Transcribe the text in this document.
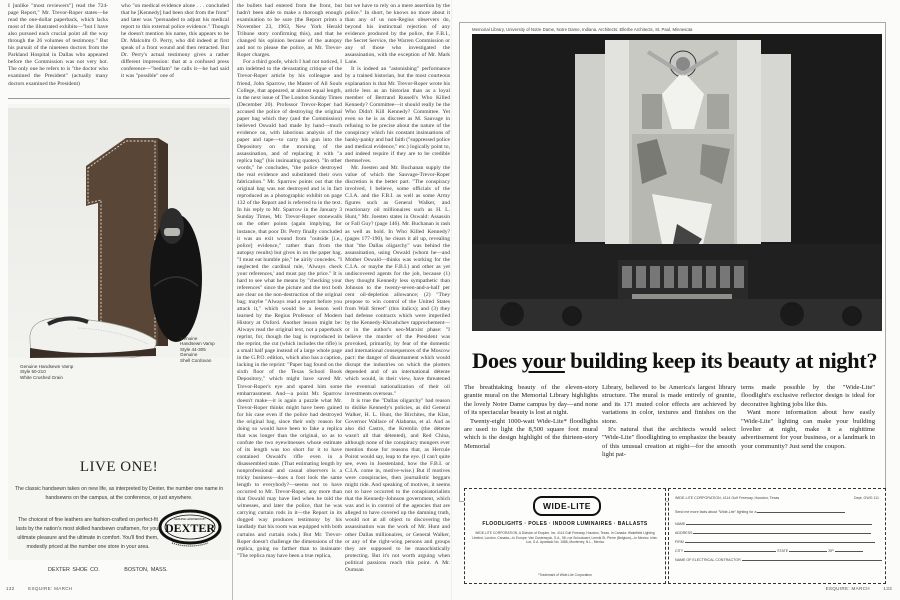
I [unlike "most reviewers"] read the 724-page Report," Mr. Trevor-Roper states—he read the one-dollar paperback, which lacks most of the illustrated exhibits—"but I have also pursued each crucial point all the way through the 26 volumes of testimony." But his pursuit of the nineteen doctors from the Parkland Hospital in Dallas who appeared before the Commission was not very hot. The only one he refers to is "the doctor who examined the President" (actually many doctors examined the President)

who "on medical evidence alone . . . concluded that he [Kennedy] had been shot from the front" and later was "persuaded to adjust his medical report to this external police evidence." Though he doesn't mention his name, this appears to be Dr. Malcolm O. Perry, who did indeed at first speak of a front wound and then retracted. But Dr. Perry's actual testimony gives a rather different impression: that at a confused press conference—"bedlam" he calls it—he had said it was "possible" one of

the bullets had entered from the front, but hadn't been able to make a thorough enough examination to be sure (the Report prints a November 23, 1963, New York Herald Tribune story confirming this), and that he changed his opinion because of the autopsy and not to please the police, as Mr. Trevor-Roper charges.

For a third goofe, which I had not noticed, I am indebted to the devastating critique of the Trevor-Roper article by his colleague and friend, John Sparrow, the Master of All Souls College, that appeared, at almost equal length, in the next issue of The London Sunday Times (December 20). Professor Trevor-Roper had accused the police of destroying the original paper bag which they (and the Commission) believed Oswald had made by hand—much evidence on, with laborious analysis of the paper and tape—to carry his gun into the Depository on the morning of the assassination, and of replacing it with "a replica bag" (his insinuating quotes). "In other words," he concludes, "the police destroyed the real evidence and substituted their own fabrication." Mr. Sparrow points out that the original bag was not destroyed and is in fact reproduced as a photographic exhibit on page 132 of the Report and is referred to in the text. In his reply to Mr. Sparrow in the January 3 Sunday Times, Mr. Trevor-Roper stonewalls on the other points (again implying, for instance, that poor Dr. Perry finally concluded it was an exit wound from "outside [i.e., police] evidence," rather than from the autopsy results) but gives in on the paper bag. "I must eat humble pie," he airily concedes. "I neglected the cardinal rule, 'Always check your references,' and must pay the price." It is hard to see what he means by "checking your references" since the picture and the text both are clear on the non-destruction of the original bag; maybe "Always read a report before you attack it," which would be a lesson well learned by the Regius Professor of Modern History at Oxford. Another lesson might be: Always read the original text, not a paperback reprint, for, though the bag is reproduced in the reprint, the cut (which includes the rifle) is a small half page instead of a large whole page in the G.P.O. edition, which also has a caption, lacking in the reprint: "Paper bag found on the sixth floor of the Texas School Book Depository," which might have saved Mr. Trevor-Roper's eye and spared him some embarrassment. And—a point Mr. Sparrow doesn't make—it is again a puzzle what Mr. Trevor-Roper thinks might have been gained for his case even if the police had destroyed the original bag, since their only reason for doing so would have been to fake a replica that was longer than the original, so as to confute the two eyewitnesses whose estimate of its length was too short for it to have contained Oswald's rifle even in a disassembled state. (That estimating length by nonprofessional and casual observers is a tricky business—does a foot look the same length to everybody?—seems not to have occurred to Mr. Trevor-Roper, any more than that Oswald may have lied when he told the witnesses, and later the police, that he was carrying curtain rods in it—the Report in its dogged way produces testimony by his landlady that his room was equipped with both curtains and curtain rods.) But Mr. Trevor-Roper doesn't challenge the dimensions of the replica, going no farther than to insinuate: "The replica may have been a true replica,

but we have to rely on a mere assertion by the police." In short, he knows no more about it than any of us non-Regius observers do, beyond his instinctual rejection of any evidence produced by the police, the F.B.I., the Secret Service, the Warren Commission or any of those who investigated the assassination, with the exception of Mr. Mark Lane.

It is indeed an "astonishing" performance by a trained historian, but the most courteous explanation is that Mr. Trevor-Roper wrote his article less as an historian than as a loyal member of Bertrand Russell's Who Killed Kennedy? Committee—it should really be the Who Didn't Kill Kennedy? Committee. Yet even so he is as discreet as M. Sauvage in refusing to be precise about the nature of the conspiracy which his constant insinuations of hanky-panky and bad faith ("suppressed police and medical evidence," etc.) logically point to, and indeed require if they are to be credible themselves.

Mr. Joesten and Mr. Buchanan supply the value of which the Sauvage-Trevor-Roper discretion is the better part. "The conspiracy involved, I believe, some officials of the C.I.A. and the F.B.I. as well as some Army figures such as General Walker, and reactionary oil millionaires such as H. L. Hunt," Mr. Joesten states in Oswald: Assassin or Fall Guy? (page 146). Mr. Buchanan is rash as well as bold. In Who Killed Kennedy? (pages 177-190), he clears it all up, revealing that "the Dallas oligarchy" was behind the assassination, using Oswald (whom he—and Mother Oswald—thinks was working for the C.I.A. or maybe the F.B.I.) and other as yet undiscovered agents for the job, because (1) they thought Kennedy less sympathetic than Johnson to the twenty-seven-and-a-half per cent oil-depletion allowance; (2) "They propose to win control of the United States from Wall Street" (this italics); and (3) they had defense contracts which were imperiled by the Kennedy-Khrushchev rapprochement—or in the author's neo-Marxist phase: "I believe the murder of the President was provoked, primarily, by fear of the domestic and international consequences of the Moscow pact: the danger of disarmament which would disrupt the industries on which the plotters depended and of an international détente which would, in their view, have threatened the eventual nationalization of their oil investments overseas."

It is true the "Dallas oligarchy" had reason to dislike Kennedy's policies, as did General Walker, H. L. Hunt, the Birchites, the Klan, Governor Wallace of Alabama, et al. And as also did Castro, the Kremlin (the détente wasn't all that détented), and Red China, although none of the conspiracy mongers ever mention those for reasons that, as Hercule Poirot would say, leap to the eye. (I can't quite see, even in Joestenland, how the F.B.I. or C.I.A. come in, motive-wise.) But if motives were conspiracies, then journalistic beggars might ride. And speaking of motives, it seems not to have occurred to the conspiratorialists that the Kennedy-Johnson government, which was and is in control of the agencies that are alleged to have covered up the damning truth, would not at all object to discovering the assassination was the work of Mr. Hunt and other Dallas millionaires, or General Walker, or any of the right-wing persons and groups they are supposed to be masochistically protecting. But it's not worth arguing when political passions reach this point. A Mr. Oumsan

Genuine Handsewn Vamp
Style 50-210
White Crushed Grain
Genuine
Handsewn Vamp
Style 44-305
Genuine
Shell Cordovan
LIVE ONE!
The classic handsewn takes on new life, as interpreted by Dexter, the number one name in handsewns on the campus, at the conference, or just anywhere.
The choicest of fine leathers are fashion-crafted on perfect-fit lasts by the nation's most skilled handsewn craftsmen, for your ultimate pleasure and the ultimate in comfort. You'll find them, modestly priced at the number one store in your area.
DEXTER
GENUINE HANDSEWN BY
DEXTER SHOE CO.	BOSTON, MASS.
132	ESQUIRE: MARCH
Memorial Library, University of Notre Dame, Notre Dame, Indiana. Architects: Ellerbe Architects, St. Paul, Minnesota
Does your building keep its beauty at night?

The breathtaking beauty of the eleven-story granite mural on the Memorial Library highlights the lovely Notre Dame campus by day—and none of its spectacular beauty is lost at night.

Twenty-eight 1000-watt Wide-Lite* floodlights are used to light the 8,500 square foot mural which is the design highlight of the thirteen-story Memorial

Library, believed to be America's largest library structure. The mural is made entirely of granite, and its 171 muted color effects are achieved by variations in color, textures and finishes on the stone.

It's natural that the architects would select "Wide-Lite" floodlighting to emphasize the beauty of this unusual creation at night—for the smooth light pat-

terns made possible by the "Wide-Lite" floodlight's exclusive reflector design is ideal for decorative lighting jobs like this.

Want more information about how easily "Wide-Lite" lighting can make your building lovelier at night, make it a nighttime advertisement for your business, or a landmark in your community? Just send the coupon.

WIDE-LITE
FLOODLIGHTS · POLES · INDOOR LUMINAIRES · BALLASTS
WIDE-LITE CORPORATION, A Division of Esquire, Inc. 4114 Gulf Freeway, Houston, Texas. In Canada: Wakefield Lighting Limited, London, Canada—In Europe: Van Oosterwyck, S.A., 58, rue Schockaert, Lennik St. Pierre (Belgium)—In Mexico: Inter-Lux, S.A. Apartado No. 1588, Monterrey, N.L., Mexico
*Trademark of Wide-Lite Corporation
WIDE-LITE CORPORATION, 4114 Gulf Freeway, Houston, Texas	Dept. GWG 111
Send me more facts about "Wide-Lite" lighting for a
NAME
ADDRESS
FIRM
CITY	STATE	ZIP
NAME OF ELECTRICAL CONTRACTOR
ESQUIRE: MARCH	133
